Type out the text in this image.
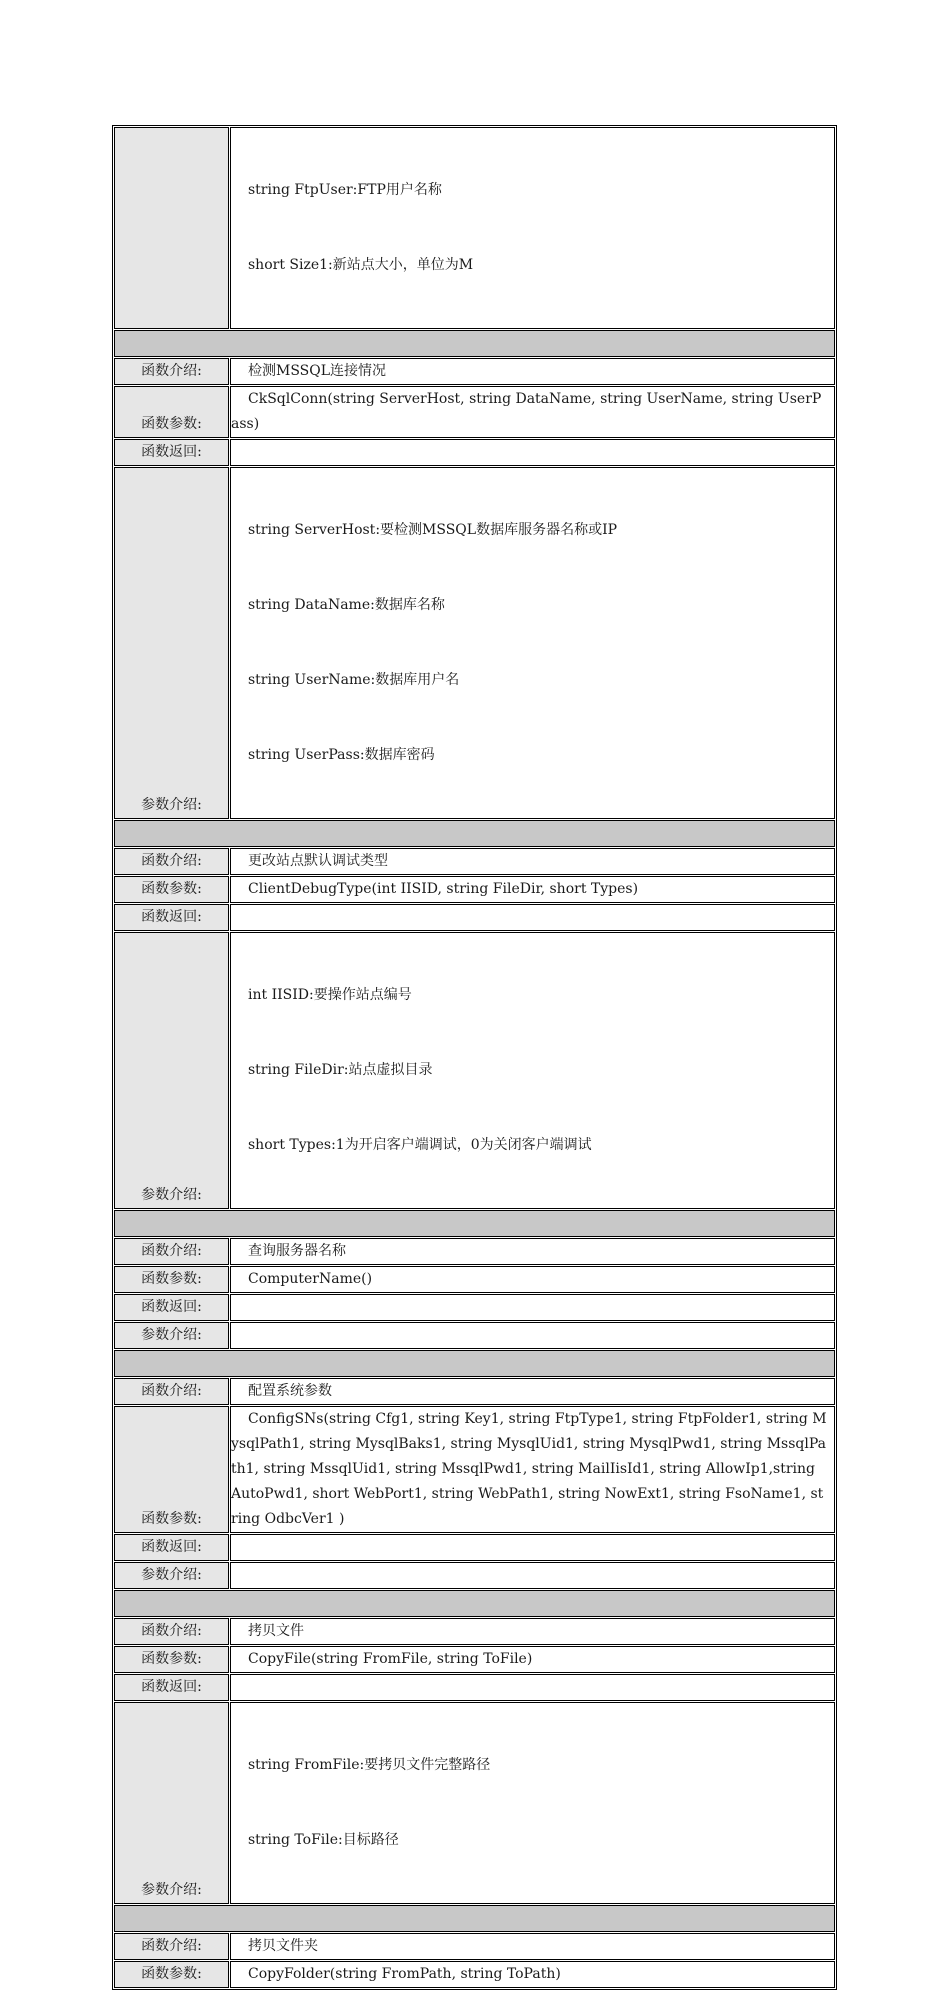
	string FtpUser:FTP用户名称

short Size1:新站点大小，单位为M

函数介绍:	检测MSSQL连接情况
函数参数:	CkSqlConn(string ServerHost, string DataName, string UserName, string UserPass)
函数返回:	
参数介绍:	string ServerHost:要检测MSSQL数据库服务器名称或IP

string DataName:数据库名称

string UserName:数据库用户名

string UserPass:数据库密码

函数介绍:	更改站点默认调试类型
函数参数:	ClientDebugType(int IISID, string FileDir, short Types)
函数返回:	
参数介绍:	int IISID:要操作站点编号

string FileDir:站点虚拟目录

short Types:1为开启客户端调试，0为关闭客户端调试

函数介绍:	查询服务器名称
函数参数:	ComputerName()
函数返回:	
参数介绍:	

函数介绍:	配置系统参数
函数参数:	ConfigSNs(string Cfg1, string Key1, string FtpType1, string FtpFolder1, string MysqlPath1, string MysqlBaks1, string MysqlUid1, string MysqlPwd1, string MssqlPath1, string MssqlUid1, string MssqlPwd1, string MailIisId1, string AllowIp1,string AutoPwd1, short WebPort1, string WebPath1, string NowExt1, string FsoName1, string OdbcVer1 )
函数返回:	
参数介绍:	

函数介绍:	拷贝文件
函数参数:	CopyFile(string FromFile, string ToFile)
函数返回:	
参数介绍:	string FromFile:要拷贝文件完整路径

string ToFile:目标路径

函数介绍:	拷贝文件夹
函数参数:	CopyFolder(string FromPath, string ToPath)
